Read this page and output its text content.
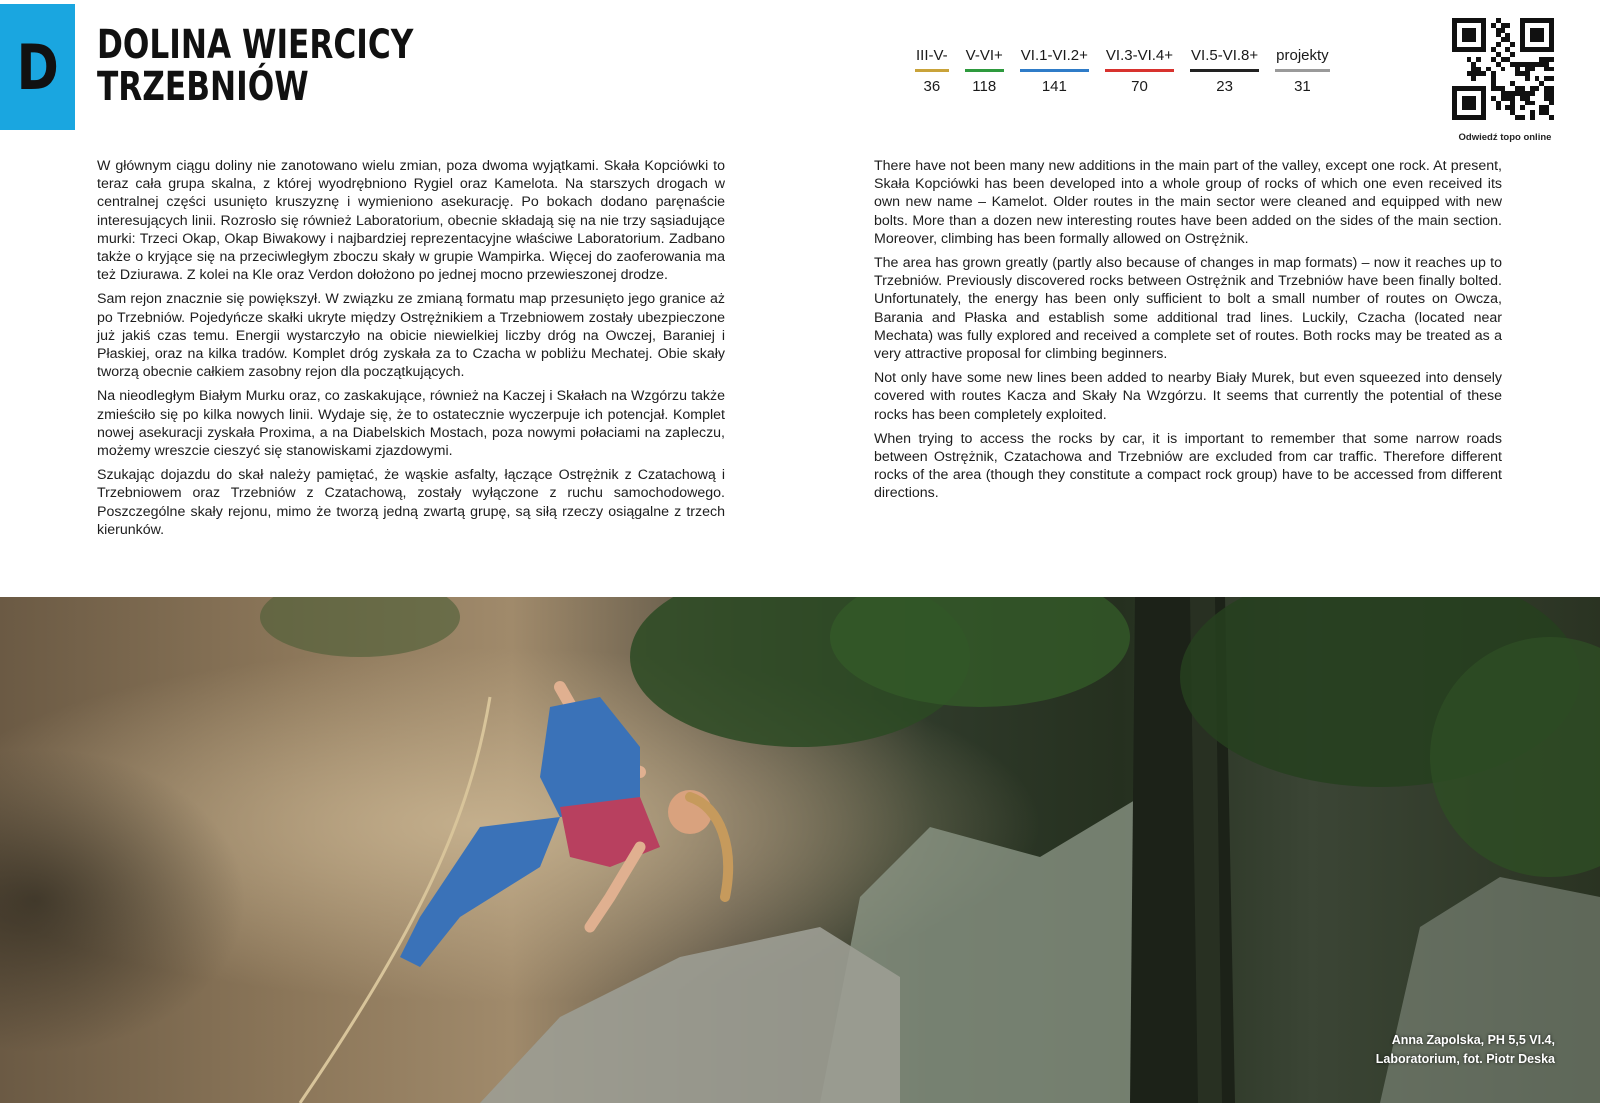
D DOLINA WIERCICY
TRZEBNIÓW
III-V-
36
V-VI+
118
VI.1-VI.2+
141
VI.3-VI.4+
70
VI.5-VI.8+
23
projekty
31
Odwiedź topo online

W głównym ciągu doliny nie zanotowano wielu zmian, poza dwoma wyjątkami. Skała Kopciówki to teraz cała grupa skalna, z której wyodrębniono Rygiel oraz Kamelota. Na starszych drogach w centralnej części usunięto kruszyznę i wymieniono asekurację. Po bokach dodano paręnaście interesujących linii. Rozrosło się również Laboratorium, obecnie składają się na nie trzy sąsiadujące murki: Trzeci Okap, Okap Biwakowy i najbardziej reprezentacyjne właściwe Laboratorium. Zadbano także o kryjące się na przeciwległym zboczu skały w grupie Wampirka. Więcej do zaoferowania ma też Dziurawa. Z kolei na Kle oraz Verdon dołożono po jednej mocno przewieszonej drodze.

Sam rejon znacznie się powiększył. W związku ze zmianą formatu map przesunięto jego granice aż po Trzebniów. Pojedyńcze skałki ukryte między Ostrężnikiem a Trzebniowem zostały ubezpieczone już jakiś czas temu. Energii wystarczyło na obicie niewielkiej liczby dróg na Owczej, Baraniej i Płaskiej, oraz na kilka tradów. Komplet dróg zyskała za to Czacha w pobliżu Mechatej. Obie skały tworzą obecnie całkiem zasobny rejon dla początkujących.

Na nieodległym Białym Murku oraz, co zaskakujące, również na Kaczej i Skałach na Wzgórzu także zmieściło się po kilka nowych linii. Wydaje się, że to ostatecznie wyczerpuje ich potencjał. Komplet nowej asekuracji zyskała Proxima, a na Diabelskich Mostach, poza nowymi połaciami na zapleczu, możemy wreszcie cieszyć się stanowiskami zjazdowymi.

Szukając dojazdu do skał należy pamiętać, że wąskie asfalty, łączące Ostrężnik z Czatachową i Trzebniowem oraz Trzebniów z Czatachową, zostały wyłączone z ruchu samochodowego. Poszczególne skały rejonu, mimo że tworzą jedną zwartą grupę, są siłą rzeczy osiągalne z trzech kierunków.

There have not been many new additions in the main part of the valley, except one rock. At present, Skała Kopciówki has been developed into a whole group of rocks of which one even received its own new name – Kamelot. Older routes in the main sector were cleaned and equipped with new bolts. More than a dozen new interesting routes have been added on the sides of the main section. Moreover, climbing has been formally allowed on Ostrężnik.

The area has grown greatly (partly also because of changes in map formats) – now it reaches up to Trzebniów. Previously discovered rocks between Ostrężnik and Trzebniów have been finally bolted. Unfortunately, the energy has been only sufficient to bolt a small number of routes on Owcza, Barania and Płaska and establish some additional trad lines. Luckily, Czacha (located near Mechata) was fully explored and received a complete set of routes. Both rocks may be treated as a very attractive proposal for climbing beginners.

Not only have some new lines been added to nearby Biały Murek, but even squeezed into densely covered with routes Kacza and Skały Na Wzgórzu. It seems that currently the potential of these rocks has been completely exploited.

When trying to access the rocks by car, it is important to remember that some narrow roads between Ostrężnik, Czatachowa and Trzebniów are excluded from car traffic. Therefore different rocks of the area (though they constitute a compact rock group) have to be accessed from different directions.

Anna Zapolska, PH 5,5 VI.4,
Laboratorium, fot. Piotr Deska
